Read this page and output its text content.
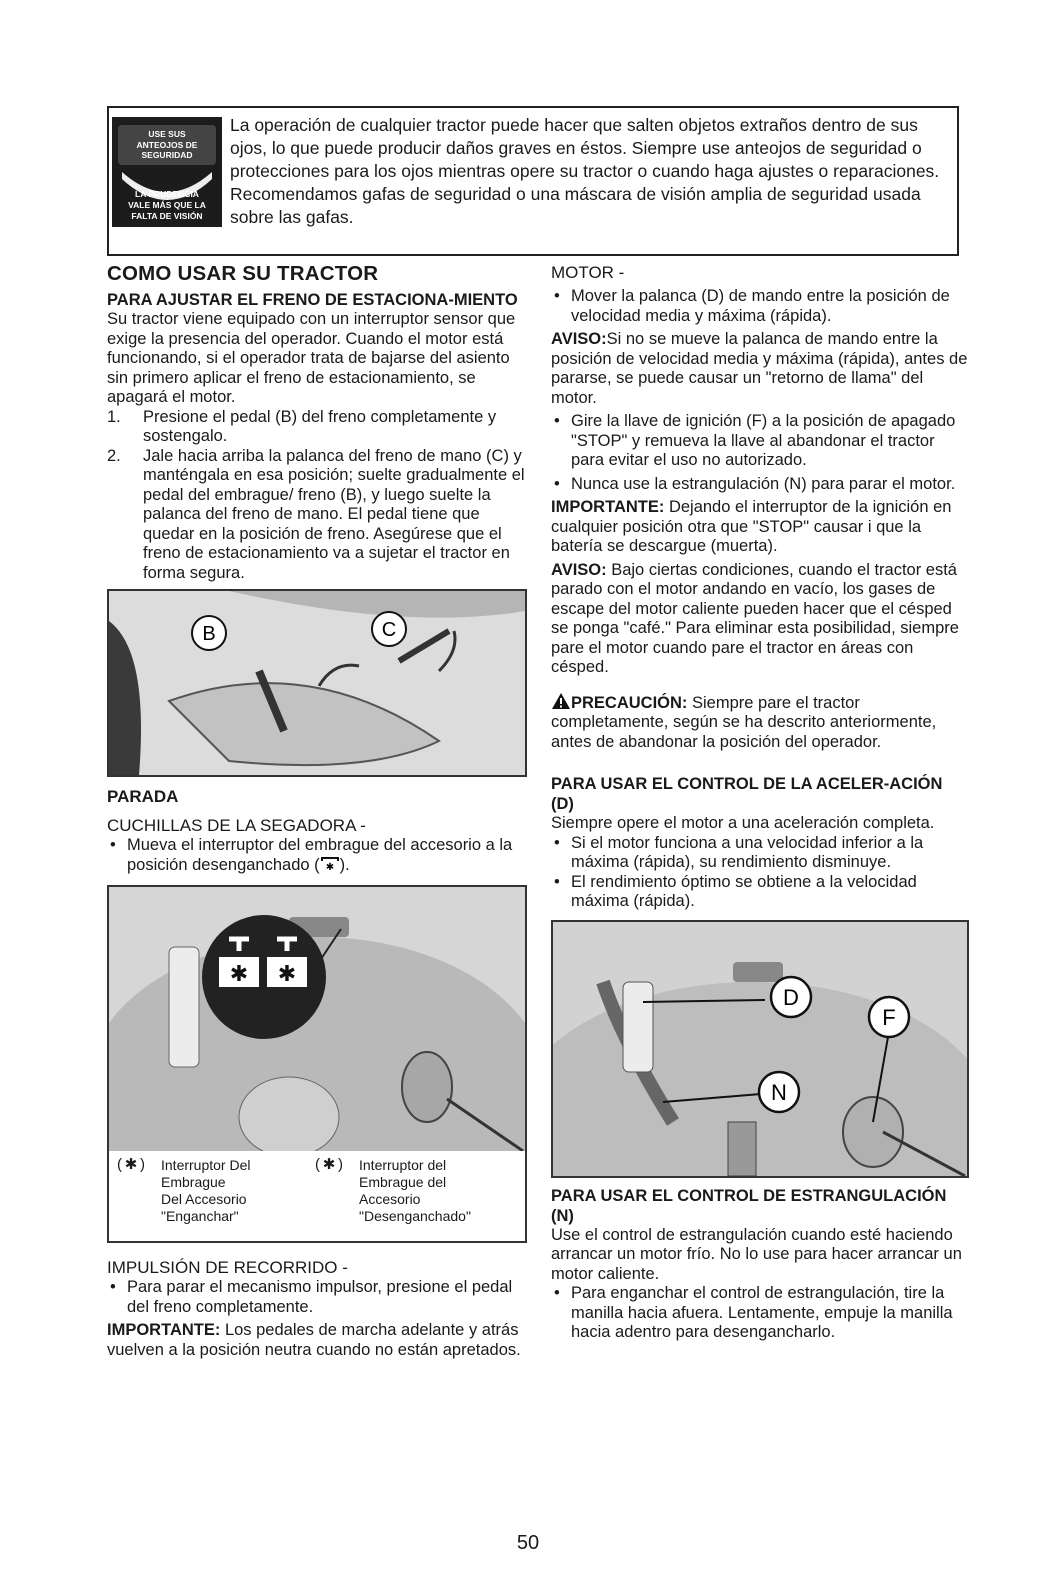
USE SUS
ANTEOJOS DE
SEGURIDAD
LA PRUDENCIA
VALE MÁS QUE LA
FALTA DE VISIÓN

La operación de cualquier tractor puede hacer que salten objetos extraños dentro de sus ojos, lo que puede producir daños graves en éstos. Siempre use anteojos de seguridad o protecciones para los ojos mientras opere su tractor o cuando haga ajustes o reparaciones. Recomendamos gafas de seguridad o una máscara de visión amplia de seguridad usada sobre las gafas.

COMO USAR SU TRACTOR
PARA AJUSTAR EL FRENO DE ESTACIONA-MIENTO

Su tractor viene equipado con un interruptor sensor que exige la presencia del operador. Cuando el motor está funcionando, si el operador trata de bajarse del asiento sin primero aplicar el freno de estacionamiento, se apagará el motor.

1. Presione el pedal (B) del freno completamente y sostengalo.
2. Jale hacia arriba la palanca del freno de mano (C) y manténgala en esa posición; suelte gradualmente el pedal del embrague/ freno (B), y luego suelte la palanca del freno de mano. El pedal tiene que quedar en la posición de freno. Asegúrese que el freno de estacionamiento va a sujetar el tractor en forma segura.
B	C
PARADA

CUCHILLAS DE LA SEGADORA -

• Mueva el interruptor del embrague del accesorio a la posición desenganchado ( ✱ ).
✱ ✱
( ✱ ) Interruptor Del
Embrague
Del Accesorio
"Enganchar"
( ✱ ) Interruptor del
Embrague del
Accesorio
"Desenganchado"

IMPULSIÓN DE RECORRIDO -

• Para parar el mecanismo impulsor, presione el pedal del freno completamente.

IMPORTANTE: Los pedales de marcha adelante y atrás vuelven a la posición neutra cuando no están apretados.

MOTOR -

• Mover la palanca (D) de mando entre la posición de velocidad media y máxima (rápida).

AVISO:Si no se mueve la palanca de mando entre la posición de velocidad media y máxima (rápida), antes de pararse, se puede causar un "retorno de llama" del motor.

• Gire la llave de ignición (F) a la posición de apagado "STOP" y remueva la llave al abandonar el tractor para evitar el uso no autorizado.
• Nunca use la estrangulación (N) para parar el motor.

IMPORTANTE: Dejando el interruptor de la ignición en cualquier posición otra que "STOP" causar i que la batería se descargue (muerta).

AVISO: Bajo ciertas condiciones, cuando el tractor está parado con el motor andando en vacío, los gases de escape del motor caliente pueden hacer que el césped se ponga "café." Para eliminar esta posibilidad, siempre pare el motor cuando pare el tractor en áreas con césped.

PRECAUCIÓN: Siempre pare el tractor completamente, según se ha descrito anteriormente, antes de abandonar la posición del operador.

PARA USAR EL CONTROL DE LA ACELER-ACIÓN (D)

Siempre opere el motor a una aceleración completa.

• Si el motor funciona a una velocidad inferior a la máxima (rápida), su rendimiento disminuye.
• El rendimiento óptimo se obtiene a la velocidad máxima (rápida).
D
F
N
PARA USAR EL CONTROL DE ESTRANGULACIÓN (N)

Use el control de estrangulación cuando esté haciendo arrancar un motor frío. No lo use para hacer arrancar un motor caliente.

• Para enganchar el control de estrangulación, tire la manilla hacia afuera. Lentamente, empuje la manilla hacia adentro para desengancharlo.
50
